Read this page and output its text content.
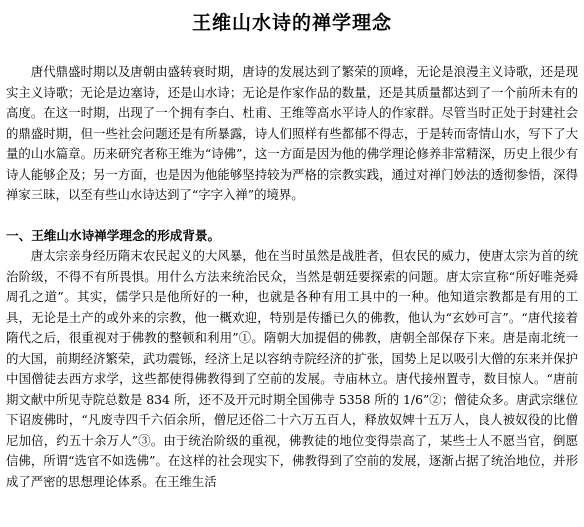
王维山水诗的禅学理念

唐代鼎盛时期以及唐朝由盛转衰时期，唐诗的发展达到了繁荣的顶峰，无论是浪漫主义诗歌，还是现实主义诗歌；无论是边塞诗，还是山水诗；无论是作家作品的数量，还是其质量都达到了一个前所未有的高度。在这一时期，出现了一个拥有李白、杜甫、王维等高水平诗人的作家群。尽管当时正处于封建社会的鼎盛时期，但一些社会问题还是有所暴露，诗人们照样有些都郁不得志，于是转而寄情山水，写下了大量的山水篇章。历来研究者称王维为“诗佛”，这一方面是因为他的佛学理论修养非常精深，历史上很少有诗人能够企及；另一方面，也是因为他能够坚持较为严格的宗教实践，通过对禅门妙法的透彻参悟，深得禅家三昧，以至有些山水诗达到了“字字入禅”的境界。

一、王维山水诗禅学理念的形成背景。

唐太宗亲身经历隋末农民起义的大风暴，他在当时虽然是战胜者，但农民的威力，使唐太宗为首的统治阶级，不得不有所畏惧。用什么方法来统治民众，当然是朝廷要探索的问题。唐太宗宣称“所好唯尧舜周孔之道”。其实，儒学只是他所好的一种，也就是各种有用工具中的一种。他知道宗教都是有用的工具，无论是土产的或外来的宗教，他一概欢迎，特别是传播已久的佛教，他认为“玄妙可言”。“唐代接着隋代之后，很重视对于佛教的整顿和利用”①。隋朝大加提倡的佛教，唐朝全部保存下来。唐是南北统一的大国，前期经济繁荣，武功震铄，经济上足以容纳寺院经济的扩张，国势上足以吸引大僧的东来并保护中国僧徒去西方求学，这些都使得佛教得到了空前的发展。寺庙林立。唐代接州置寺，数目惊人。“唐前期文献中所见寺院总数是 834 所，还不及开元时期全国佛寺 5358 所的 1/6”②；僧徒众多。唐武宗继位下诏废佛时，“凡废寺四千六佰余所，僧尼还俗二十六万五百人，释放奴婢十五万人，良人被奴役的比僧尼加倍，约五十余万人”③。由于统治阶级的重视，佛教徒的地位变得崇高了，某些士人不愿当官，倒愿信佛，所谓“选官不如选佛”。在这样的社会现实下，佛教得到了空前的发展，逐渐占据了统治地位，并形成了严密的思想理论体系。在王维生活
